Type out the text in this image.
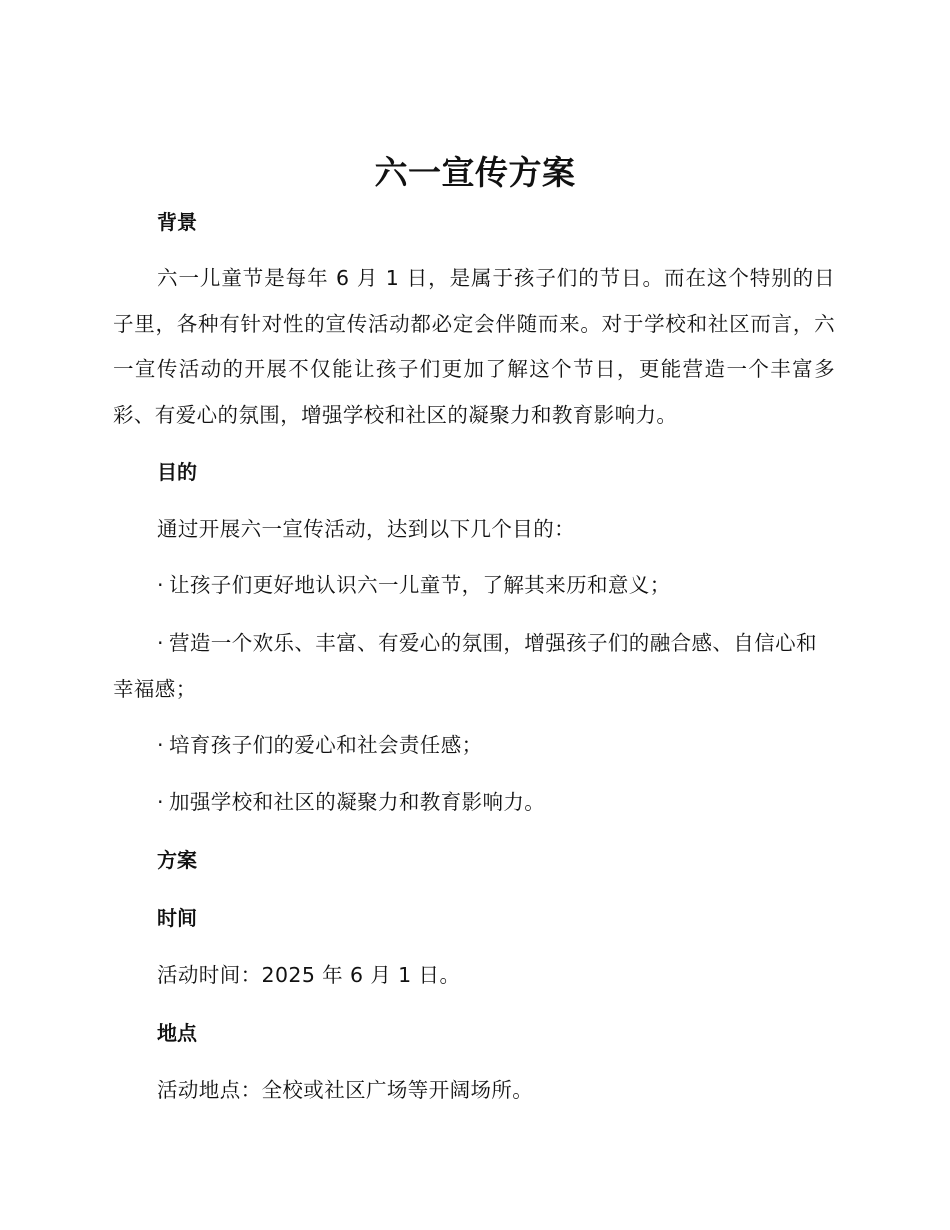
六一宣传方案
背景
六一儿童节是每年 6 月 1 日，是属于孩子们的节日。而在这个特别的日子里，各种有针对性的宣传活动都必定会伴随而来。对于学校和社区而言，六一宣传活动的开展不仅能让孩子们更加了解这个节日，更能营造一个丰富多彩、有爱心的氛围，增强学校和社区的凝聚力和教育影响力。
目的
通过开展六一宣传活动，达到以下几个目的：
· 让孩子们更好地认识六一儿童节，了解其来历和意义；
· 营造一个欢乐、丰富、有爱心的氛围，增强孩子们的融合感、自信心和幸福感；
· 培育孩子们的爱心和社会责任感；
· 加强学校和社区的凝聚力和教育影响力。
方案
时间
活动时间：2025 年 6 月 1 日。
地点
活动地点：全校或社区广场等开阔场所。
